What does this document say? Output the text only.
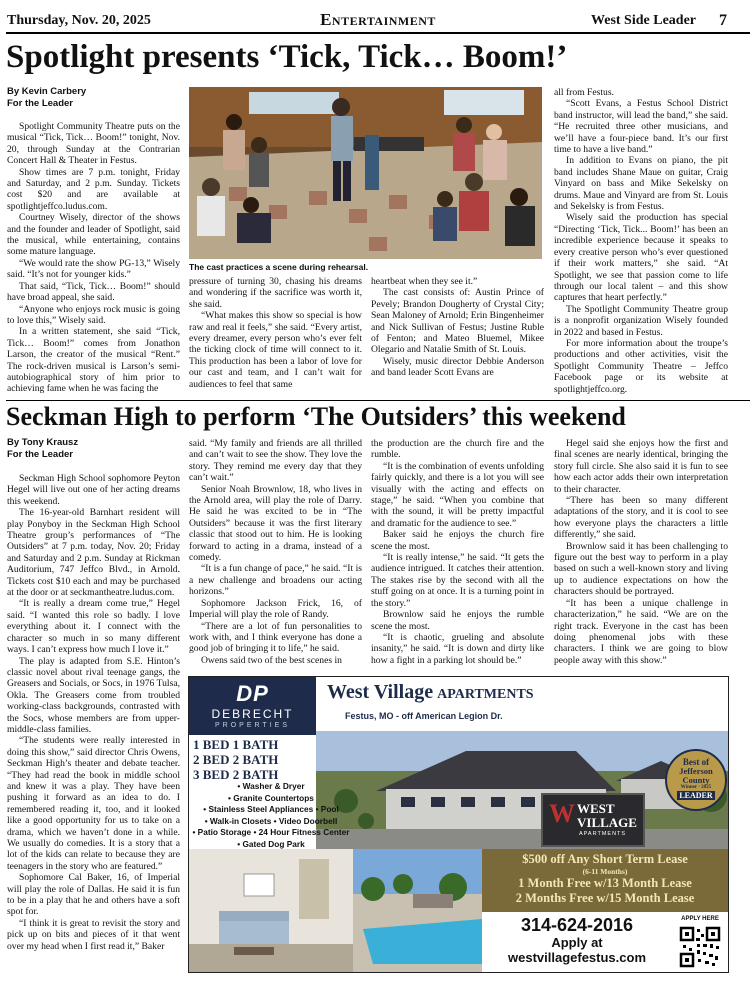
Thursday, Nov. 20, 2025	Entertainment	West Side Leader 7
Spotlight presents ‘Tick, Tick… Boom!’
By Kevin Carbery
For the Leader

Spotlight Community Theatre puts on the musical “Tick, Tick… Boom!” tonight, Nov. 20, through Sunday at the Contrarian Concert Hall & Theater in Festus.

Show times are 7 p.m. tonight, Friday and Saturday, and 2 p.m. Sunday. Tickets cost $20 and are available at spotlightjeffco.ludus.com.

Courtney Wisely, director of the shows and the founder and leader of Spotlight, said the musical, while entertaining, contains some mature language.

“We would rate the show PG-13,” Wisely said. “It’s not for younger kids.”

That said, “Tick, Tick… Boom!” should have broad appeal, she said.

“Anyone who enjoys rock music is going to love this,” Wisely said.

In a written statement, she said “Tick, Tick… Boom!” comes from Jonathon Larson, the creator of the musical “Rent.” The rock-driven musical is Larson’s semi-autobiographical story of him prior to achieving fame when he was facing the

The cast practices a scene during rehearsal.

pressure of turning 30, chasing his dreams and wondering if the sacrifice was worth it, she said.

“What makes this show so special is how raw and real it feels,” she said. “Every artist, every dreamer, every person who’s ever felt the ticking clock of time will connect to it. This production has been a labor of love for our cast and team, and I can’t wait for audiences to feel that same

heartbeat when they see it.”

The cast consists of: Austin Prince of Pevely; Brandon Dougherty of Crystal City; Sean Maloney of Arnold; Erin Bingenheimer and Nick Sullivan of Festus; Justine Ruble of Fenton; and Mateo Bluemel, Mikee Olegario and Natalie Smith of St. Louis.

Wisely, music director Debbie Anderson and band leader Scott Evans are

all from Festus.

“Scott Evans, a Festus School District band instructor, will lead the band,” she said. “He recruited three other musicians, and we’ll have a four-piece band. It’s our first time to have a live band.”

In addition to Evans on piano, the pit band includes Shane Maue on guitar, Craig Vinyard on bass and Mike Sekelsky on drums. Maue and Vinyard are from St. Louis and Sekelsky is from Festus.

Wisely said the production has special “Directing ‘Tick, Tick... Boom!’ has been an incredible experience because it speaks to every creative person who’s ever questioned if their work matters,” she said. “At Spotlight, we see that passion come to life through our local talent – and this show captures that heart perfectly.”

The Spotlight Community Theatre group is a nonprofit organization Wisely founded in 2022 and based in Festus.

For more information about the troupe’s productions and other activities, visit the Spotlight Community Theatre – Jeffco Facebook page or its website at spotlightjeffco.org.

Seckman High to perform ‘The Outsiders’ this weekend
By Tony Krausz
For the Leader

Seckman High School sophomore Peyton Hegel will live out one of her acting dreams this weekend.

The 16-year-old Barnhart resident will play Ponyboy in the Seckman High School Theatre group’s performances of “The Outsiders” at 7 p.m. today, Nov. 20; Friday and Saturday and 2 p.m. Sunday at Rickman Auditorium, 747 Jeffco Blvd., in Arnold. Tickets cost $10 each and may be purchased at the door or at seckmantheatre.ludus.com.

“It is really a dream come true,” Hegel said. “I wanted this role so badly. I love everything about it. I connect with the character so much in so many different ways. I can’t express how much I love it.”

The play is adapted from S.E. Hinton’s classic novel about rival teenage gangs, the Greasers and Socials, or Socs, in 1976 Tulsa, Okla. The Greasers come from troubled working-class backgrounds, contrasted with the Socs, whose members are from upper-middle-class families.

“The students were really interested in doing this show,” said director Chris Owens, Seckman High’s theater and debate teacher. “They had read the book in middle school and knew it was a play. They have been pushing it forward as an idea to do. I remembered reading it, too, and it looked like a good opportunity for us to take on a drama, which we haven’t done in a while. We usually do comedies. It is a story that a lot of the kids can relate to because they are teenagers in the story who are featured.”

Sophomore Cal Baker, 16, of Imperial will play the role of Dallas. He said it is fun to be in a play that he and others have a soft spot for.

“I think it is great to revisit the story and pick up on bits and pieces of it that went over my head when I first read it,” Baker

said. “My family and friends are all thrilled and can’t wait to see the show. They love the story. They remind me every day that they can’t wait.”

Senior Noah Brownlow, 18, who lives in the Arnold area, will play the role of Darry. He said he was excited to be in “The Outsiders” because it was the first literary classic that stood out to him. He is looking forward to acting in a drama, instead of a comedy.

“It is a fun change of pace,” he said. “It is a new challenge and broadens our acting horizons.”

Sophomore Jackson Frick, 16, of Imperial will play the role of Randy.

“There are a lot of fun personalities to work with, and I think everyone has done a good job of bringing it to life,” he said.

Owens said two of the best scenes in

the production are the church fire and the rumble.

“It is the combination of events unfolding fairly quickly, and there is a lot you will see visually with the acting and effects on stage,” he said. “When you combine that with the sound, it will be pretty impactful and dramatic for the audience to see.”

Baker said he enjoys the church fire scene the most.

“It is really intense,” he said. “It gets the audience intrigued. It catches their attention. The stakes rise by the second with all the stuff going on at once. It is a turning point in the story.”

Brownlow said he enjoys the rumble scene the most.

“It is chaotic, grueling and absolute insanity,” he said. “It is down and dirty like how a fight in a parking lot should be.”

Hegel said she enjoys how the first and final scenes are nearly identical, bringing the story full circle. She also said it is fun to see how each actor adds their own interpretation to their character.

“There has been so many different adaptations of the story, and it is cool to see how everyone plays the characters a little differently,” she said.

Brownlow said it has been challenging to figure out the best way to perform in a play based on such a well-known story and living up to audience expectations on how the characters should be portrayed.

“It has been a unique challenge in characterization,” he said. “We are on the right track. Everyone in the cast has been doing phenomenal jobs with these characters. I think we are going to blow people away with this show.”

DP
DEBRECHT
PROPERTIES
West Village APARTMENTS
Festus, MO - off American Legion Dr.
1 BED 1 BATH
2 BED 2 BATH
3 BED 2 BATH
• Washer & Dryer
• Granite Countertops
• Stainless Steel Appliances • Pool
• Walk-in Closets • Video Doorbell
• Patio Storage • 24 Hour Fitness Center
• Gated Dog Park
W WEST
VILLAGE
APARTMENTS
Best of
Jefferson County
Winner · 2025
LEADER
$500 off Any Short Term Lease
(6-11 Months)
1 Month Free w/13 Month Lease
2 Months Free w/15 Month Lease
314-624-2016
Apply at
westvillagefestus.com
APPLY HERE
